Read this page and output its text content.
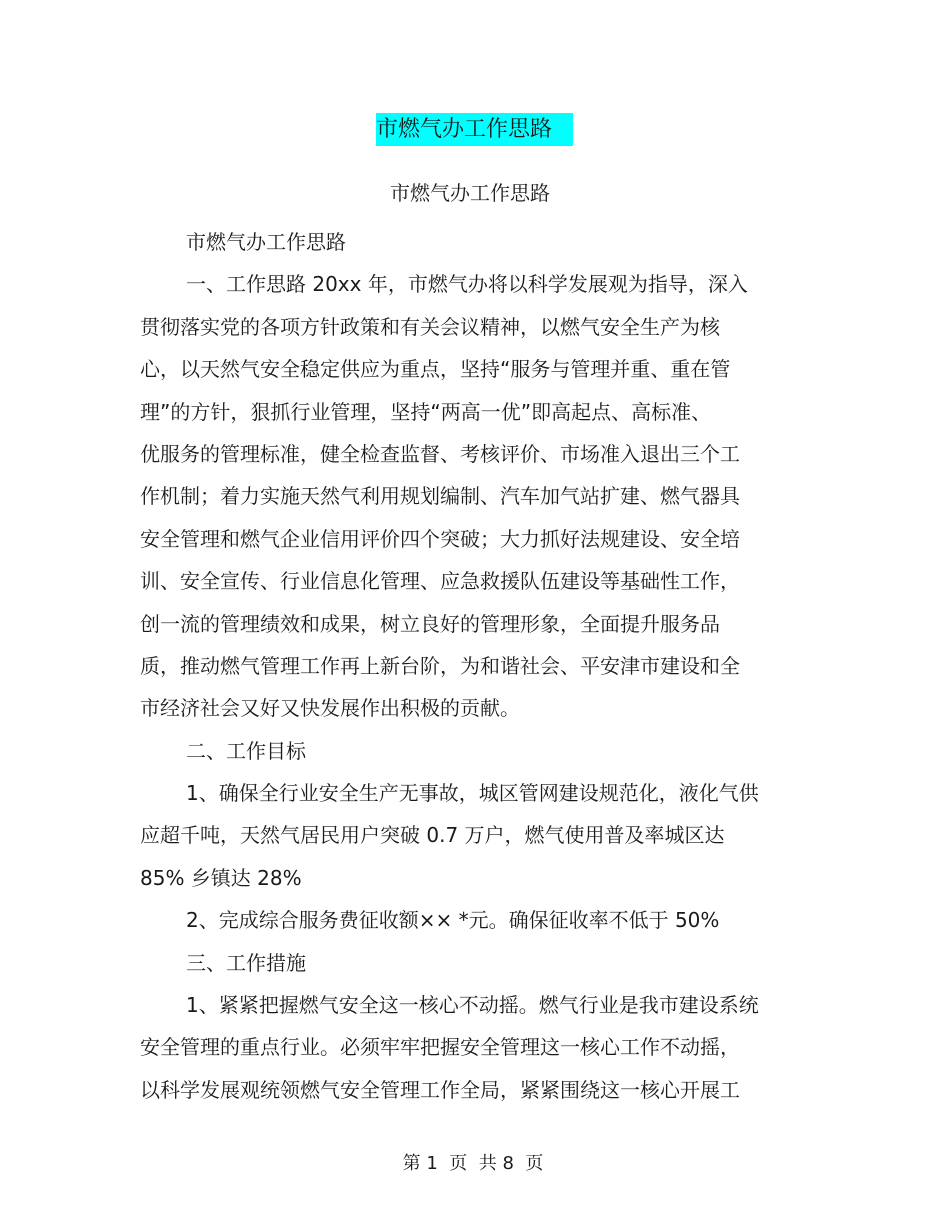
市燃气办工作思路
市燃气办工作思路
市燃气办工作思路
一、工作思路 20xx 年，市燃气办将以科学发展观为指导，深入
贯彻落实党的各项方针政策和有关会议精神，以燃气安全生产为核
心，以天然气安全稳定供应为重点，坚持“服务与管理并重、重在管
理”的方针，狠抓行业管理，坚持“两高一优”即高起点、高标准、
优服务的管理标准，健全检查监督、考核评价、市场准入退出三个工
作机制；着力实施天然气利用规划编制、汽车加气站扩建、燃气器具
安全管理和燃气企业信用评价四个突破；大力抓好法规建设、安全培
训、安全宣传、行业信息化管理、应急救援队伍建设等基础性工作，
创一流的管理绩效和成果，树立良好的管理形象，全面提升服务品
质，推动燃气管理工作再上新台阶，为和谐社会、平安津市建设和全
市经济社会又好又快发展作出积极的贡献。
二、工作目标
1、确保全行业安全生产无事故，城区管网建设规范化，液化气供
应超千吨，天然气居民用户突破 0.7 万户，燃气使用普及率城区达
85% 乡镇达 28%
2、完成综合服务费征收额×× *元。确保征收率不低于 50%
三、工作措施
1、紧紧把握燃气安全这一核心不动摇。燃气行业是我市建设系统
安全管理的重点行业。必须牢牢把握安全管理这一核心工作不动摇，
以科学发展观统领燃气安全管理工作全局，紧紧围绕这一核心开展工
第 1  页  共 8  页
